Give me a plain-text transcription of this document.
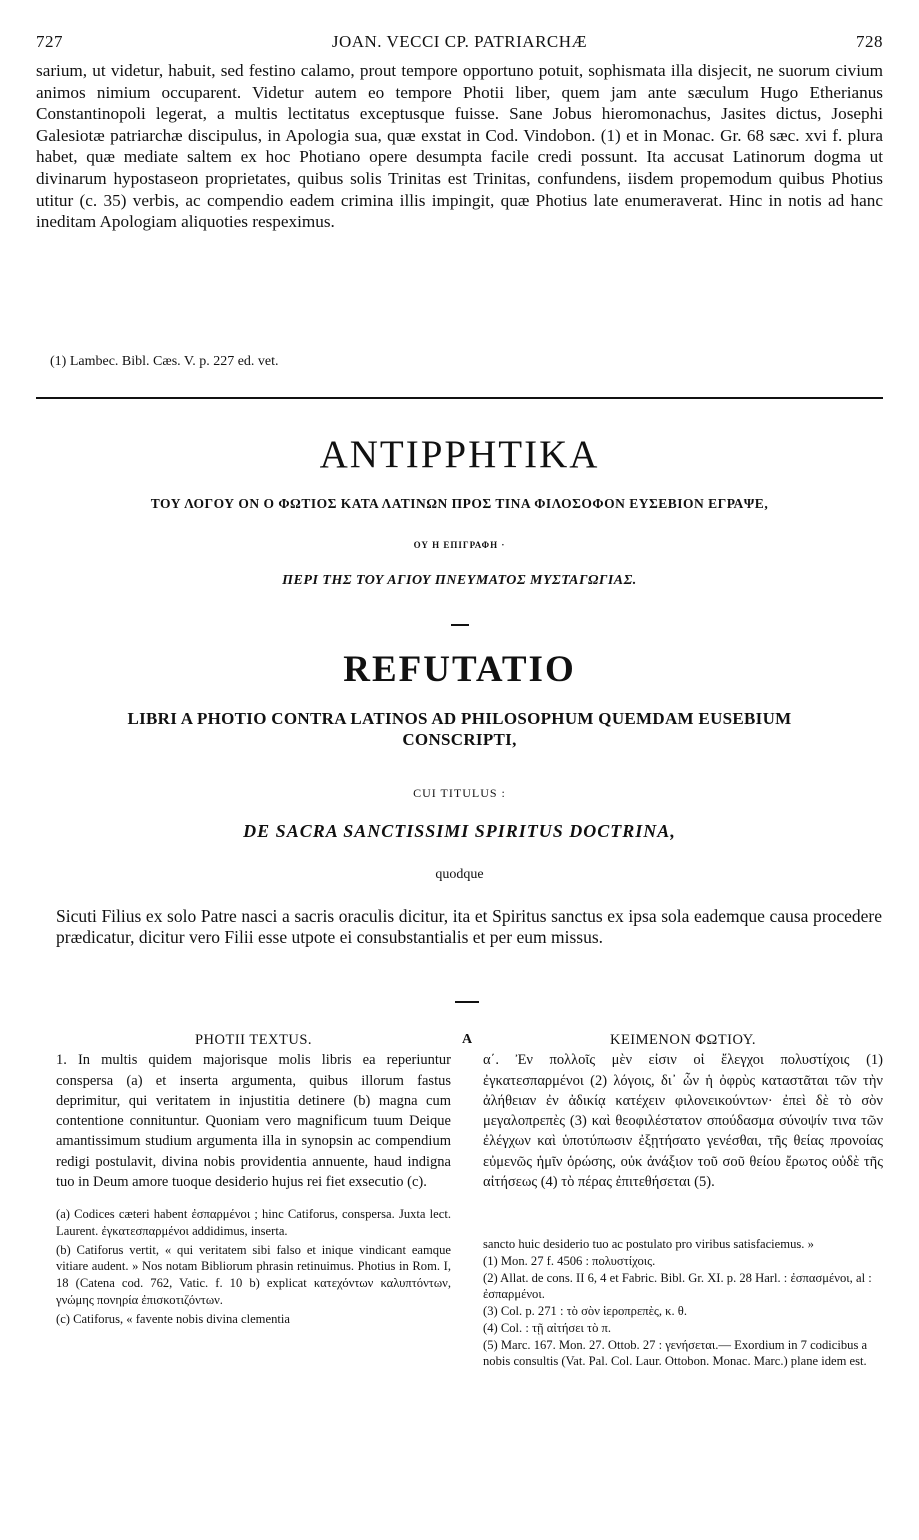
727	JOAN. VECCI CP. PATRIARCHÆ	728

sarium, ut videtur, habuit, sed festino calamo, prout tempore opportuno potuit, sophismata illa disjecit, ne suorum civium animos nimium occuparent. Videtur autem eo tempore Photii liber, quem jam ante sæculum Hugo Etherianus Constantinopoli legerat, a multis lectitatus exceptusque fuisse. Sane Jobus hieromonachus, Jasites dictus, Josephi Galesiotæ patriarchæ discipulus, in Apologia sua, quæ exstat in Cod. Vindobon. (1) et in Monac. Gr. 68 sæc. xvi f. plura habet, quæ mediate saltem ex hoc Photiano opere desumpta facile credi possunt. Ita accusat Latinorum dogma ut divinarum hypostaseon proprietates, quibus solis Trinitas est Trinitas, confundens, iisdem propemodum quibus Photius utitur (c. 35) verbis, ac compendio eadem crimina illis impingit, quæ Photius late enumeraverat. Hinc in notis ad hanc ineditam Apologiam aliquoties respeximus.

(1) Lambec. Bibl. Cæs. V. p. 227 ed. vet.
ΑΝΤΙΡΡΗΤΙΚΑ
ΤΟΥ ΛΟΓΟΥ ΟΝ Ο ΦΩΤΙΟΣ ΚΑΤΑ ΛΑΤΙΝΩΝ ΠΡΟΣ ΤΙΝΑ ΦΙΛΟΣΟΦΟΝ ΕΥΣΕΒΙΟΝ ΕΓΡΑΨΕ,
ΟΥ Η ΕΠΙΓΡΑΦΗ ·
ΠΕΡΙ ΤΗΣ ΤΟΥ ΑΓΙΟΥ ΠΝΕΥΜΑΤΟΣ ΜΥΣΤΑΓΩΓΙΑΣ.
REFUTATIO
LIBRI A PHOTIO CONTRA LATINOS AD PHILOSOPHUM QUEMDAM EUSEBIUM
CONSCRIPTI,
CUI TITULUS :
DE SACRA SANCTISSIMI SPIRITUS DOCTRINA,
quodque
Sicuti Filius ex solo Patre nasci a sacris oraculis dicitur, ita et Spiritus sanctus ex ipsa sola eademque causa procedere prædicatur, dicitur vero Filii esse utpote ei consubstantialis et per eum missus.
PHOTII TEXTUS.

1. In multis quidem majorisque molis libris ea reperiuntur conspersa (a) et inserta argumenta, quibus illorum fastus deprimitur, qui veritatem in injustitia detinere (b) magna cum contentione connituntur. Quoniam vero magnificum tuum Deique amantissimum studium argumenta illa in synopsin ac compendium redigi postulavit, divina nobis providentia annuente, haud indigna tuo in Deum amore tuoque desiderio hujus rei fiet exsecutio (c).

(a) Codices cæteri habent ἐσπαρμένοι ; hinc Catiforus, conspersa. Juxta lect. Laurent. ἐγκατεσπαρμένοι addidimus, inserta.

(b) Catiforus vertit, « qui veritatem sibi falso et inique vindicant eamque vitiare audent. » Nos notam Bibliorum phrasin retinuimus. Photius in Rom. I, 18 (Catena cod. 762, Vatic. f. 10 b) explicat κατεχόντων καλυπτόντων, γνώμης πονηρία ἐπισκοτιζόντων.

(c) Catiforus, « favente nobis divina clementia

A	ΚΕΙΜΕΝΟΝ ΦΩΤΙΟΥ.

α΄. Ἐν πολλοῖς μὲν εἰσιν οἱ ἔλεγχοι πολυστίχοις (1) ἐγκατεσπαρμένοι (2) λόγοις, δι᾽ ὧν ἡ ὀφρὺς καταστᾶται τῶν τὴν ἀλήθειαν ἐν ἀδικίᾳ κατέχειν φιλονεικούντων· ἐπεὶ δὲ τὸ σὸν μεγαλοπρεπὲς (3) καὶ θεοφιλέστατον σπούδασμα σύνοψίν τινα τῶν ἐλέγχων καὶ ὑποτύπωσιν ἐξῃτήσατο γενέσθαι, τῆς θείας προνοίας εὐμενῶς ἡμῖν ὁρώσης, οὐκ ἀνάξιον τοῦ σοῦ θείου ἔρωτος οὐδὲ τῆς αἰτήσεως (4) τὸ πέρας ἐπιτεθήσεται (5).

sancto huic desiderio tuo ac postulato pro viribus satisfaciemus. »

(1) Mon. 27 f. 4506 : πολυστίχοις.

(2) Allat. de cons. II 6, 4 et Fabric. Bibl. Gr. XI. p. 28 Harl. : ἐσπασμένοι, al : ἐσπαρμένοι.

(3) Col. p. 271 : τὸ σὸν ἱεροπρεπὲς, κ. θ.

(4) Col. : τῇ αἰτήσει τὸ π.

(5) Marc. 167. Mon. 27. Ottob. 27 : γενήσεται.— Exordium in 7 codicibus a nobis consultis (Vat. Pal. Col. Laur. Ottobon. Monac. Marc.) plane idem est.
